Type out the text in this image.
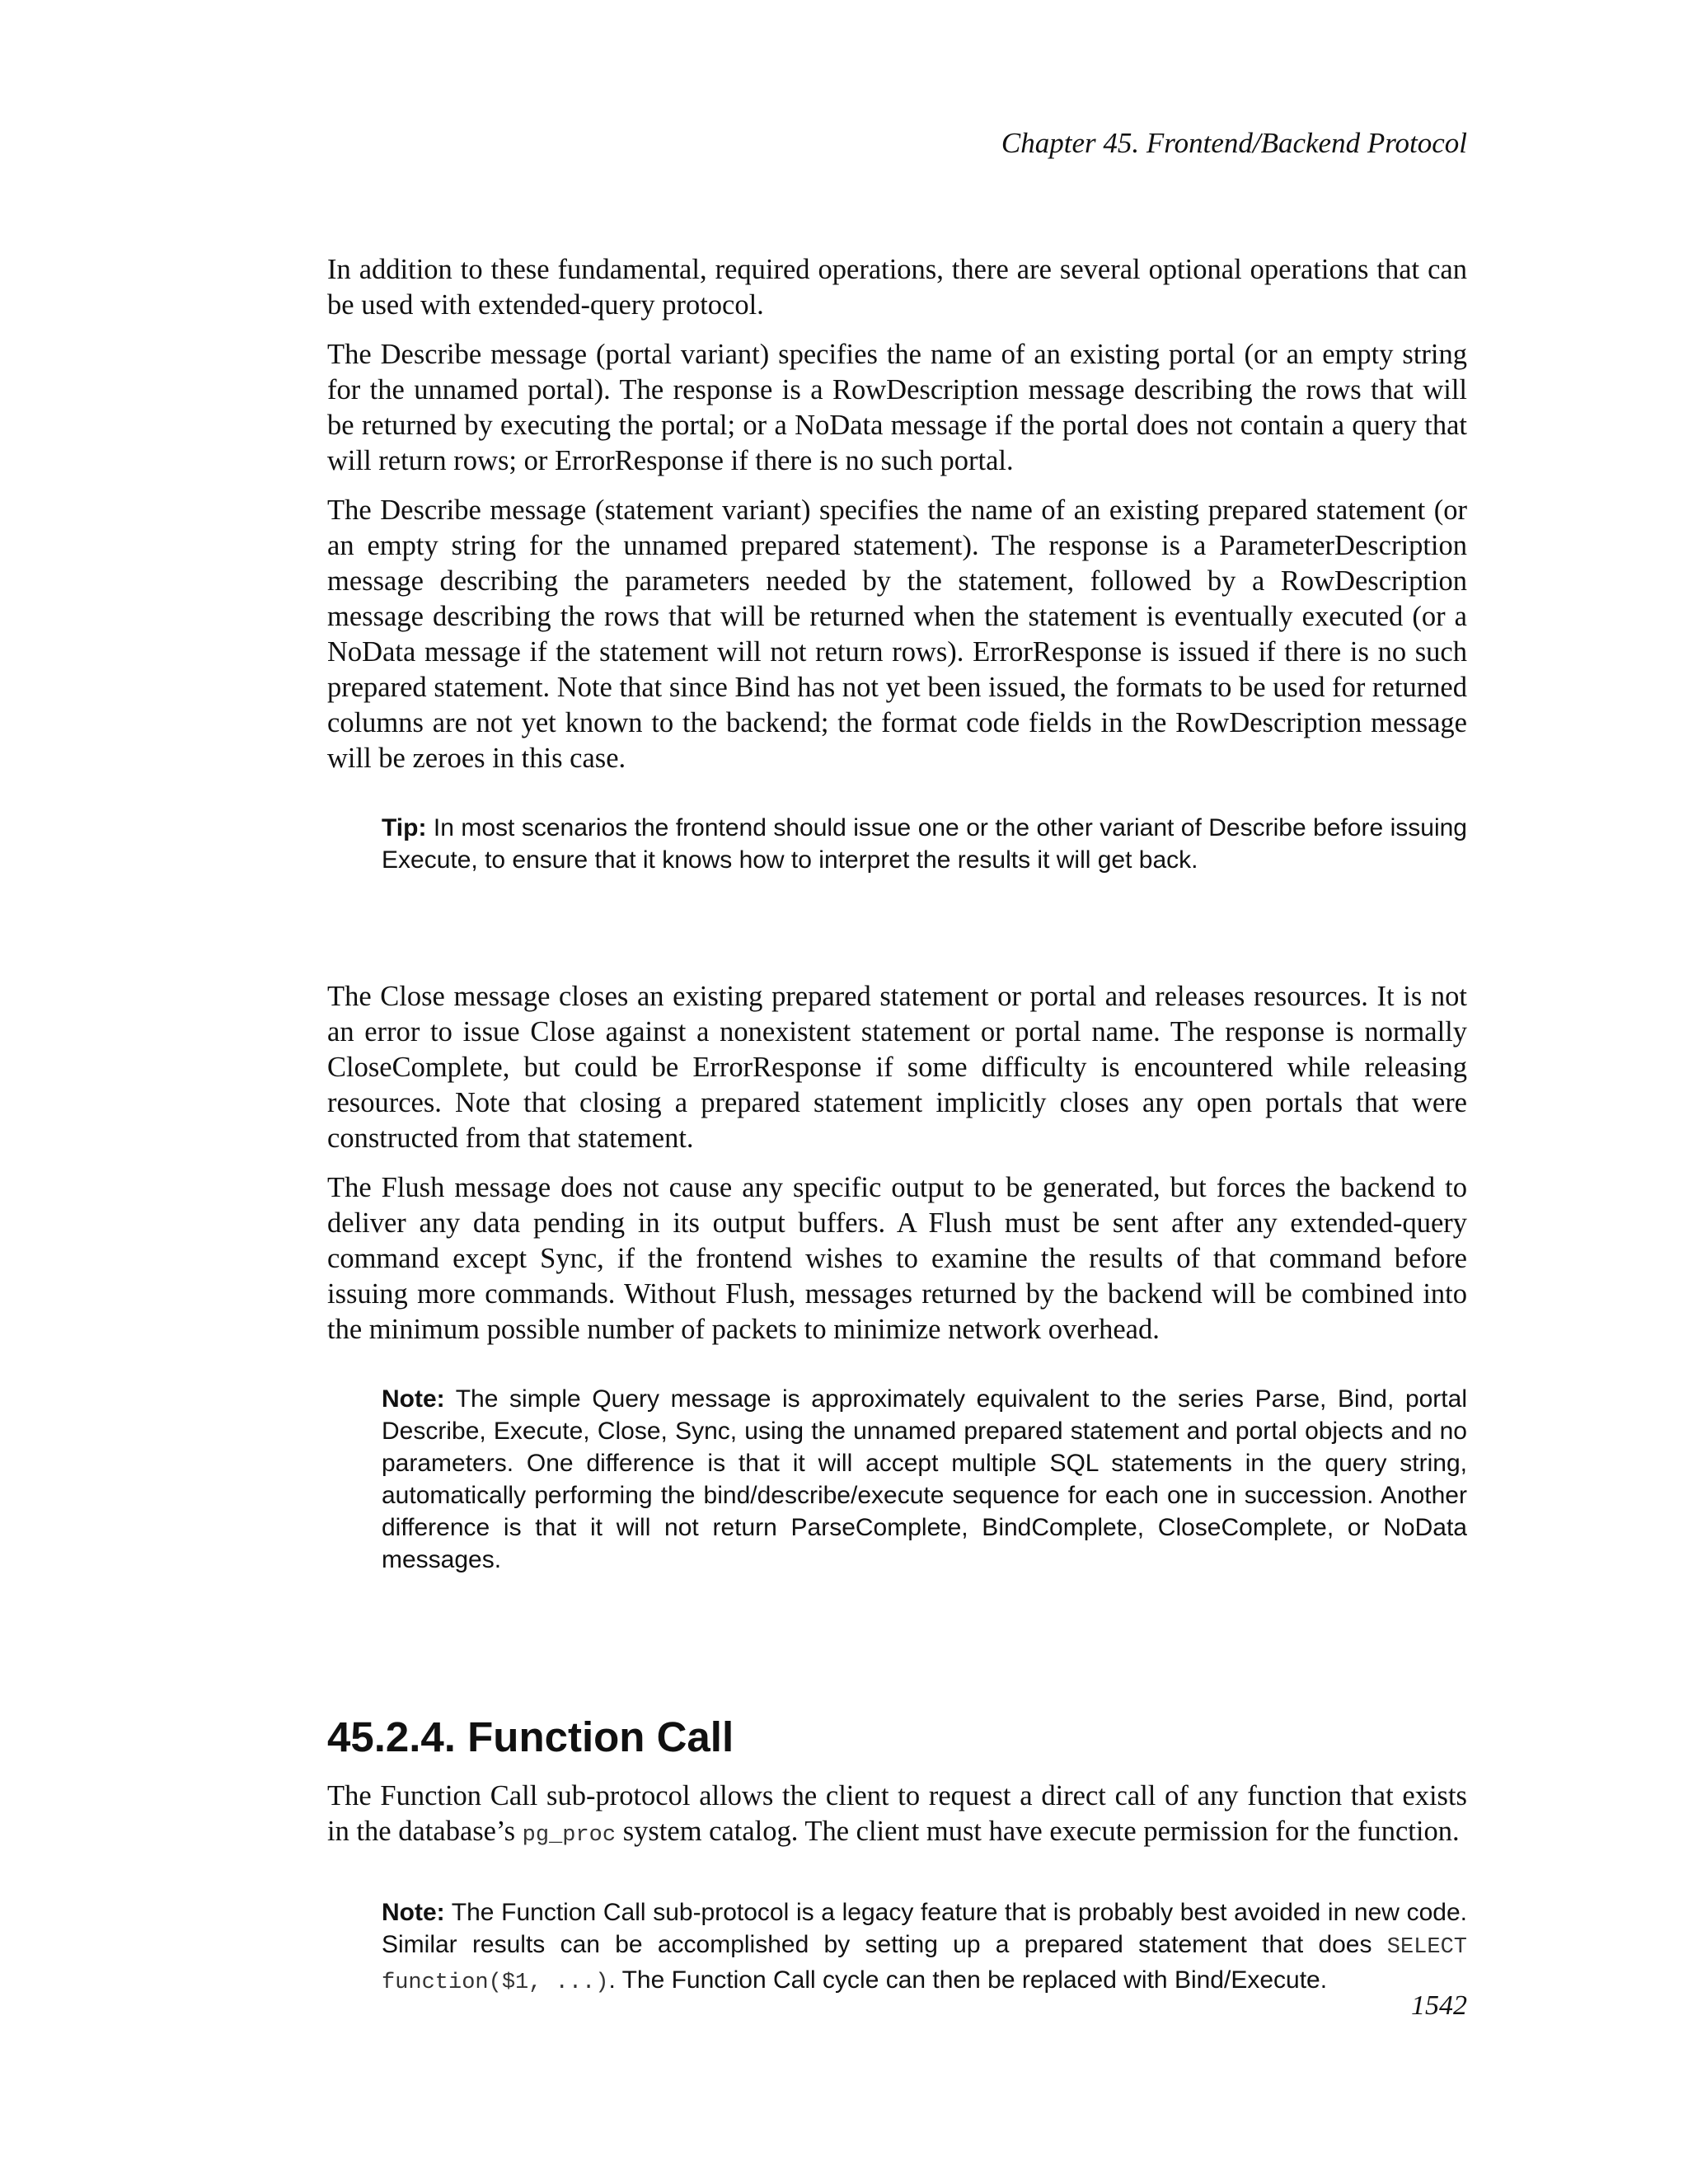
Chapter 45. Frontend/Backend Protocol

In addition to these fundamental, required operations, there are several optional operations that can be used with extended-query protocol.

The Describe message (portal variant) specifies the name of an existing portal (or an empty string for the unnamed portal). The response is a RowDescription message describing the rows that will be returned by executing the portal; or a NoData message if the portal does not contain a query that will return rows; or ErrorResponse if there is no such portal.

The Describe message (statement variant) specifies the name of an existing prepared statement (or an empty string for the unnamed prepared statement). The response is a ParameterDescription message describing the parameters needed by the statement, followed by a RowDescription message describing the rows that will be returned when the statement is eventually executed (or a NoData message if the statement will not return rows). ErrorResponse is issued if there is no such prepared statement. Note that since Bind has not yet been issued, the formats to be used for returned columns are not yet known to the backend; the format code fields in the RowDescription message will be zeroes in this case.

Tip: In most scenarios the frontend should issue one or the other variant of Describe before issuing Execute, to ensure that it knows how to interpret the results it will get back.

The Close message closes an existing prepared statement or portal and releases resources. It is not an error to issue Close against a nonexistent statement or portal name. The response is normally CloseComplete, but could be ErrorResponse if some difficulty is encountered while releasing resources. Note that closing a prepared statement implicitly closes any open portals that were constructed from that statement.

The Flush message does not cause any specific output to be generated, but forces the backend to deliver any data pending in its output buffers. A Flush must be sent after any extended-query command except Sync, if the frontend wishes to examine the results of that command before issuing more commands. Without Flush, messages returned by the backend will be combined into the minimum possible number of packets to minimize network overhead.

Note: The simple Query message is approximately equivalent to the series Parse, Bind, portal Describe, Execute, Close, Sync, using the unnamed prepared statement and portal objects and no parameters. One difference is that it will accept multiple SQL statements in the query string, automatically performing the bind/describe/execute sequence for each one in succession. Another difference is that it will not return ParseComplete, BindComplete, CloseComplete, or NoData messages.
45.2.4. Function Call

The Function Call sub-protocol allows the client to request a direct call of any function that exists in the database’s pg_proc system catalog. The client must have execute permission for the function.

Note: The Function Call sub-protocol is a legacy feature that is probably best avoided in new code. Similar results can be accomplished by setting up a prepared statement that does SELECT function($1, ...). The Function Call cycle can then be replaced with Bind/Execute.

1542
